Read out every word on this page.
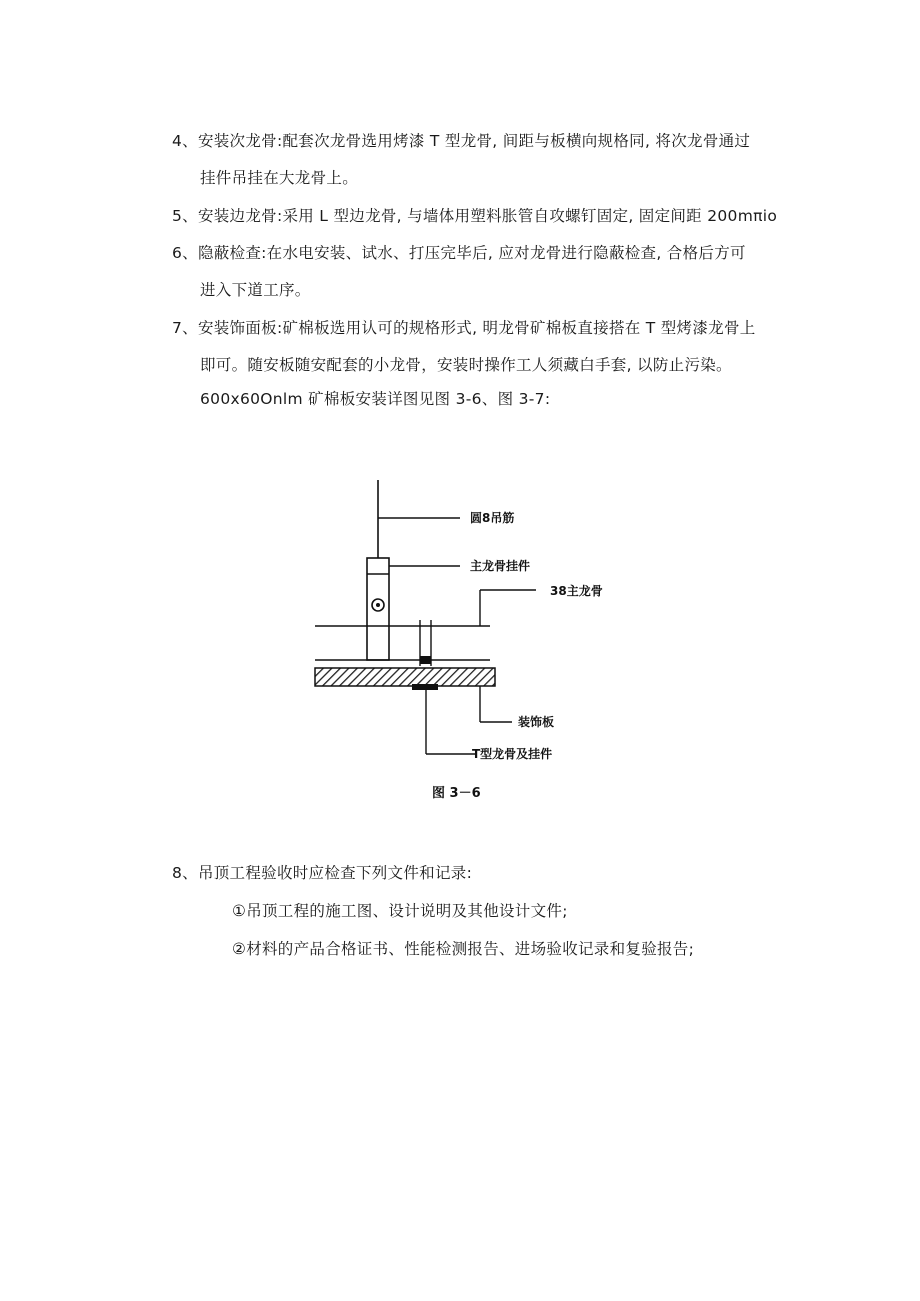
4、安装次龙骨:配套次龙骨选用烤漆 T 型龙骨, 间距与板横向规格同, 将次龙骨通过
挂件吊挂在大龙骨上。
5、安装边龙骨:采用 L 型边龙骨, 与墙体用塑料胀管自攻螺钉固定, 固定间距 200mπio
6、隐蔽检查:在水电安装、试水、打压完毕后, 应对龙骨进行隐蔽检查, 合格后方可
进入下道工序。
7、安装饰面板:矿棉板选用认可的规格形式, 明龙骨矿棉板直接搭在 T 型烤漆龙骨上
即可。随安板随安配套的小龙骨，安装时操作工人须藏白手套, 以防止污染。
600x60Onlm 矿棉板安装详图见图 3-6、图 3-7:
圆8吊筋
主龙骨挂件
38主龙骨
装饰板
T型龙骨及挂件
图 3－6
8、吊顶工程验收时应检查下列文件和记录:
①吊顶工程的施工图、设计说明及其他设计文件;
②材料的产品合格证书、性能检测报告、进场验收记录和复验报告;
